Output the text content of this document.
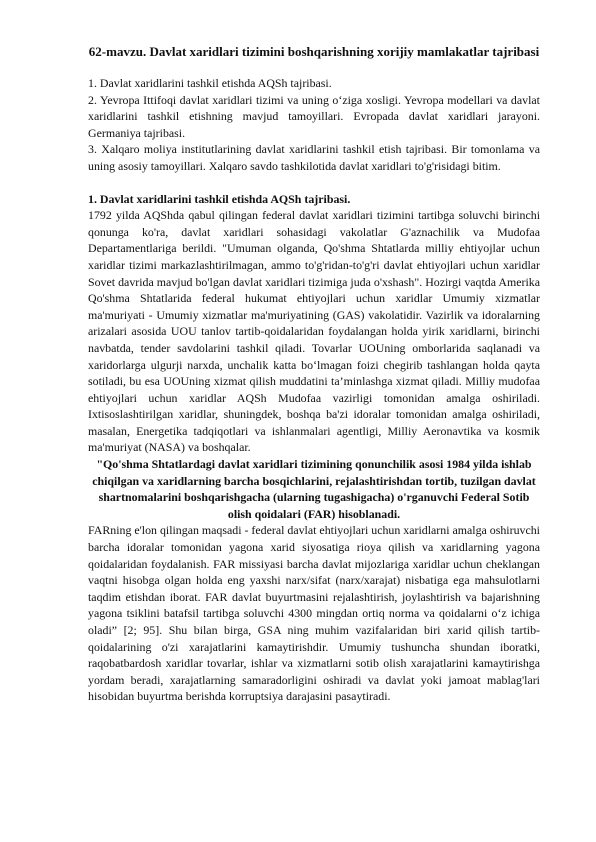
62-mavzu. Davlat xaridlari tizimini boshqarishning xorijiy mamlakatlar tajribasi

1. Davlat xaridlarini tashkil etishda AQSh tajribasi.

2. Yevropa Ittifoqi davlat xaridlari tizimi va uning o‘ziga xosligi. Yevropa modellari va davlat xaridlarini tashkil etishning mavjud tamoyillari. Evropada davlat xaridlari jarayoni. Germaniya tajribasi.

3. Xalqaro moliya institutlarining davlat xaridlarini tashkil etish tajribasi. Bir tomonlama va uning asosiy tamoyillari. Xalqaro savdo tashkilotida davlat xaridlari to'g'risidagi bitim.

1. Davlat xaridlarini tashkil etishda AQSh tajribasi.

1792 yilda AQShda qabul qilingan federal davlat xaridlari tizimini tartibga soluvchi birinchi qonunga ko'ra, davlat xaridlari sohasidagi vakolatlar G'aznachilik va Mudofaa Departamentlariga berildi. "Umuman olganda, Qo'shma Shtatlarda milliy ehtiyojlar uchun xaridlar tizimi markazlashtirilmagan, ammo to'g'ridan-to'g'ri davlat ehtiyojlari uchun xaridlar Sovet davrida mavjud bo'lgan davlat xaridlari tizimiga juda o'xshash". Hozirgi vaqtda Amerika Qo'shma Shtatlarida federal hukumat ehtiyojlari uchun xaridlar Umumiy xizmatlar ma'muriyati - Umumiy xizmatlar ma'muriyatining (GAS) vakolatidir. Vazirlik va idoralarning arizalari asosida UOU tanlov tartib-qoidalaridan foydalangan holda yirik xaridlarni, birinchi navbatda, tender savdolarini tashkil qiladi. Tovarlar UOUning omborlarida saqlanadi va xaridorlarga ulgurji narxda, unchalik katta bo‘lmagan foizi chegirib tashlangan holda qayta sotiladi, bu esa UOUning xizmat qilish muddatini ta’minlashga xizmat qiladi. Milliy mudofaa ehtiyojlari uchun xaridlar AQSh Mudofaa vazirligi tomonidan amalga oshiriladi. Ixtisoslashtirilgan xaridlar, shuningdek, boshqa ba'zi idoralar tomonidan amalga oshiriladi, masalan, Energetika tadqiqotlari va ishlanmalari agentligi, Milliy Aeronavtika va kosmik ma'muriyat (NASA) va boshqalar.

"Qo'shma Shtatlardagi davlat xaridlari tizimining qonunchilik asosi 1984 yilda ishlab chiqilgan va xaridlarning barcha bosqichlarini, rejalashtirishdan tortib, tuzilgan davlat shartnomalarini boshqarishgacha (ularning tugashigacha) o'rganuvchi Federal Sotib olish qoidalari (FAR) hisoblanadi.

FARning e'lon qilingan maqsadi - federal davlat ehtiyojlari uchun xaridlarni amalga oshiruvchi barcha idoralar tomonidan yagona xarid siyosatiga rioya qilish va xaridlarning yagona qoidalaridan foydalanish. FAR missiyasi barcha davlat mijozlariga xaridlar uchun cheklangan vaqtni hisobga olgan holda eng yaxshi narx/sifat (narx/xarajat) nisbatiga ega mahsulotlarni taqdim etishdan iborat. FAR davlat buyurtmasini rejalashtirish, joylashtirish va bajarishning yagona tsiklini batafsil tartibga soluvchi 4300 mingdan ortiq norma va qoidalarni o‘z ichiga oladi” [2; 95]. Shu bilan birga, GSA ning muhim vazifalaridan biri xarid qilish tartib-qoidalarining o'zi xarajatlarini kamaytirishdir. Umumiy tushuncha shundan iboratki, raqobatbardosh xaridlar tovarlar, ishlar va xizmatlarni sotib olish xarajatlarini kamaytirishga yordam beradi, xarajatlarning samaradorligini oshiradi va davlat yoki jamoat mablag'lari hisobidan buyurtma berishda korruptsiya darajasini pasaytiradi.
